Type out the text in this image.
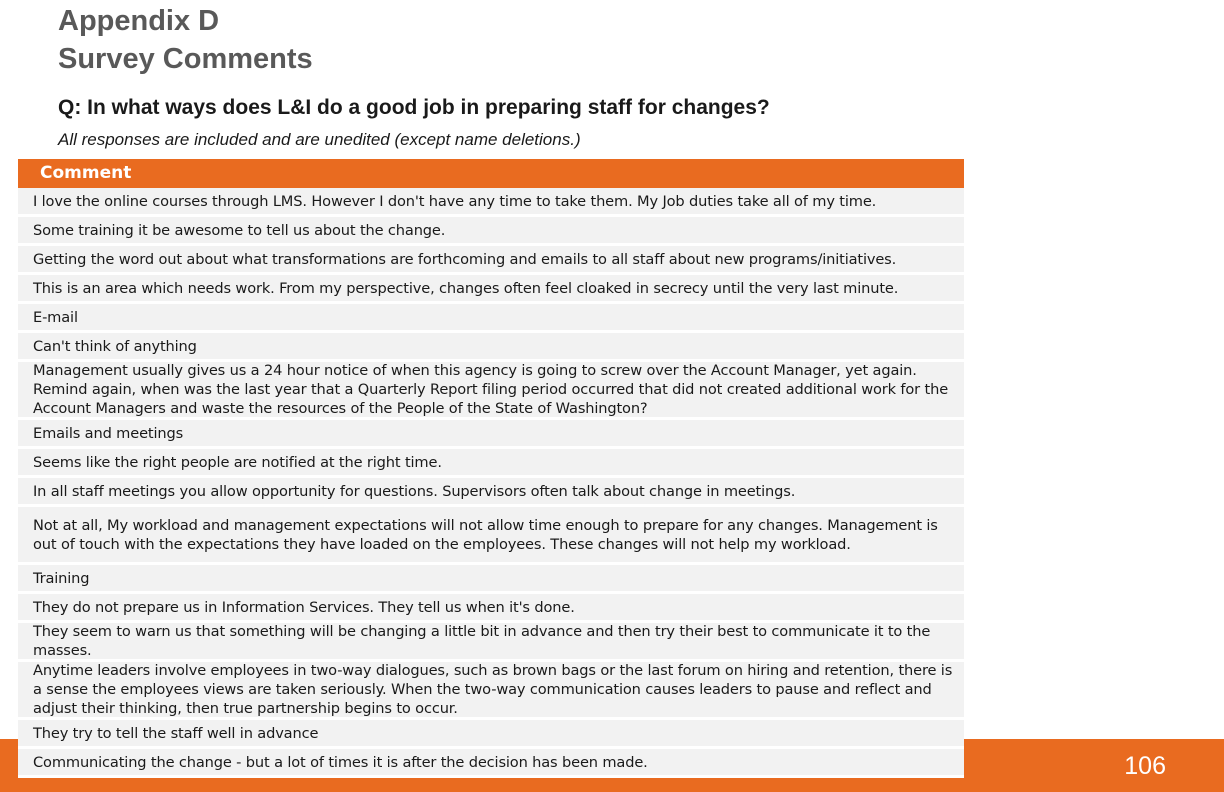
Appendix D
Survey Comments

Q: In what ways does L&I do a good job in preparing staff for changes?

All responses are included and are unedited (except name deletions.)

Comment
I love the online courses through LMS. However I don't have any time to take them. My Job duties take all of my time.
Some training it be awesome to tell us about the change.
Getting the word out about what transformations are forthcoming and emails to all staff about new programs/initiatives.
This is an area which needs work. From my perspective, changes often feel cloaked in secrecy until the very last minute.
E-mail
Can't think of anything
Management usually gives us a 24 hour notice of when this agency is going to screw over the Account Manager, yet again. Remind again, when was the last year that a Quarterly Report filing period occurred that did not created additional work for the Account Managers and waste the resources of the People of the State of Washington?
Emails and meetings
Seems like the right people are notified at the right time.
In all staff meetings you allow opportunity for questions. Supervisors often talk about change in meetings.
Not at all, My workload and management expectations will not allow time enough to prepare for any changes. Management is out of touch with the expectations they have loaded on the employees. These changes will not help my workload.
Training
They do not prepare us in Information Services. They tell us when it's done.
They seem to warn us that something will be changing a little bit in advance and then try their best to communicate it to the masses.
Anytime leaders involve employees in two-way dialogues, such as brown bags or the last forum on hiring and retention, there is a sense the employees views are taken seriously. When the two-way communication causes leaders to pause and reflect and adjust their thinking, then true partnership begins to occur.
They try to tell the staff well in advance
Communicating the change - but a lot of times it is after the decision has been made.	106
